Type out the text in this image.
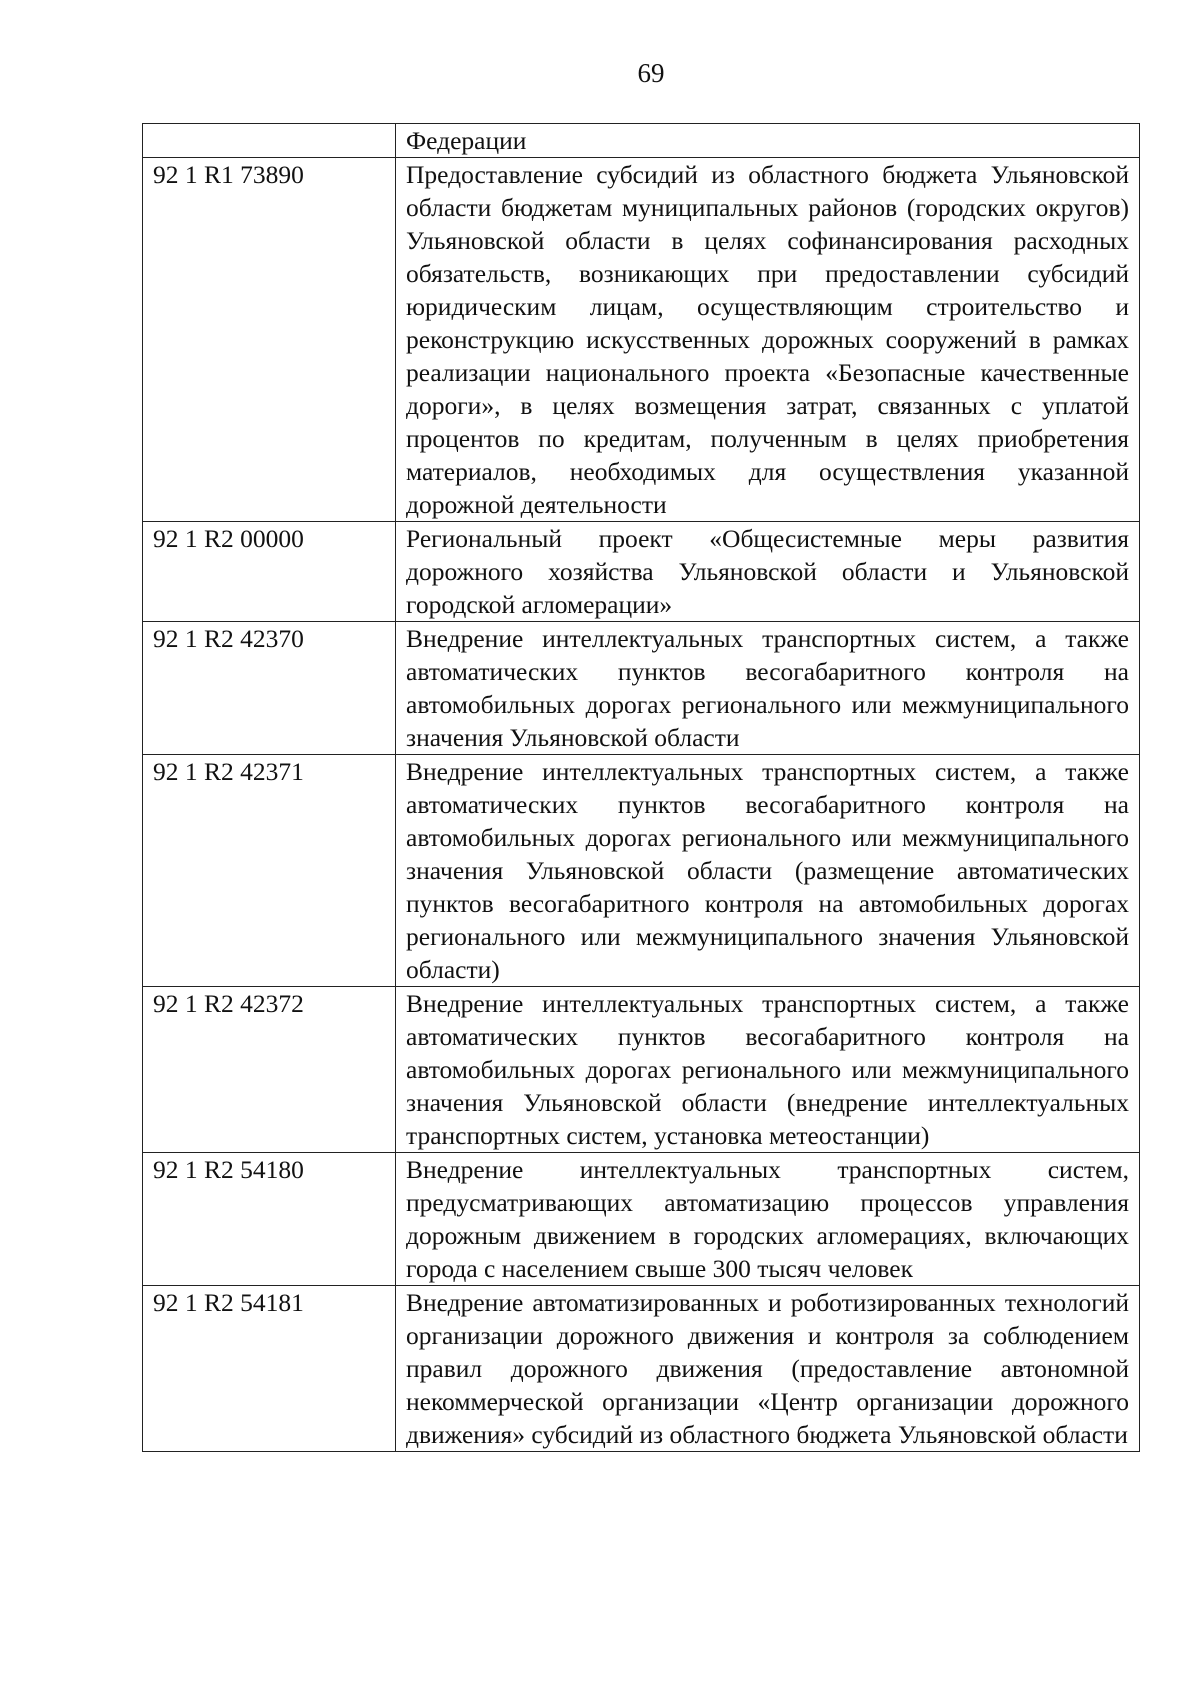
69
	Федерации
92 1 R1 73890	Предоставление субсидий из областного бюджета Ульяновской области бюджетам муниципальных районов (городских округов) Ульяновской области в целях софинансирования расходных обязательств, возникающих при предоставлении субсидий юридическим лицам, осуществляющим строительство и реконструкцию искусственных дорожных сооружений в рамках реализации национального проекта «Безопасные качественные дороги», в целях возмещения затрат, связанных с уплатой процентов по кредитам, полученным в целях приобретения материалов, необходимых для осуществления указанной дорожной деятельности
92 1 R2 00000	Региональный проект «Общесистемные меры развития дорожного хозяйства Ульяновской области и Ульяновской городской агломерации»
92 1 R2 42370	Внедрение интеллектуальных транспортных систем, а также автоматических пунктов весогабаритного контроля на автомобильных дорогах регионального или межмуниципального значения Ульяновской области
92 1 R2 42371	Внедрение интеллектуальных транспортных систем, а также автоматических пунктов весогабаритного контроля на автомобильных дорогах регионального или межмуниципального значения Ульяновской области (размещение автоматических пунктов весогабаритного контроля на автомобильных дорогах регионального или межмуниципального значения Ульяновской области)
92 1 R2 42372	Внедрение интеллектуальных транспортных систем, а также автоматических пунктов весогабаритного контроля на автомобильных дорогах регионального или межмуниципального значения Ульяновской области (внедрение интеллектуальных транспортных систем, установка метеостанции)
92 1 R2 54180	Внедрение интеллектуальных транспортных систем, предусматривающих автоматизацию процессов управления дорожным движением в городских агломерациях, включающих города с населением свыше 300 тысяч человек
92 1 R2 54181	Внедрение автоматизированных и роботизированных технологий организации дорожного движения и контроля за соблюдением правил дорожного движения (предоставление автономной некоммерческой организации «Центр организации дорожного движения» субсидий из областного бюджета Ульяновской области
